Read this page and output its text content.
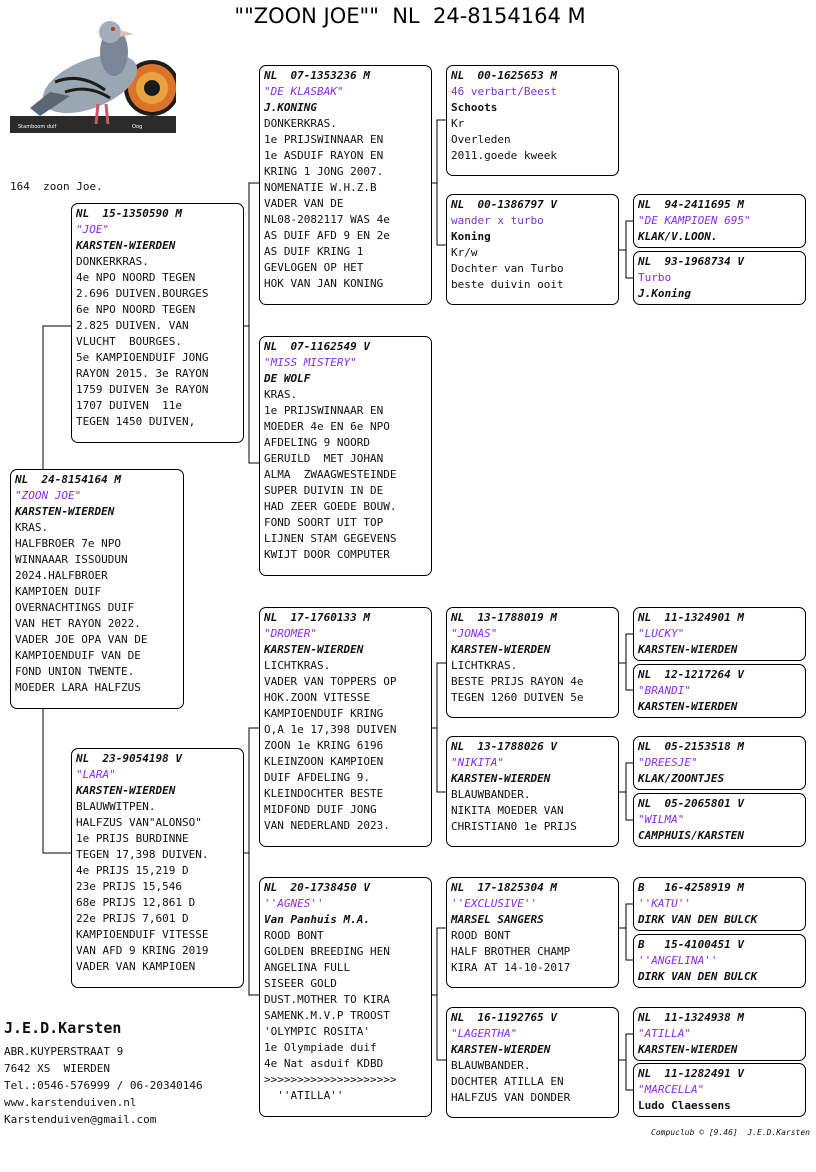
""ZOON JOE""  NL  24-8154164 M
Stamboom duif	Oog
164  zoon Joe.
NL  24-8154164 M
"ZOON JOE"
KARSTEN-WIERDEN
KRAS.
HALFBROER 7e NPO
WINNAAAR ISSOUDUN
2024.HALFBROER
KAMPIOEN DUIF
OVERNACHTINGS DUIF
VAN HET RAYON 2022.
VADER JOE OPA VAN DE
KAMPIOENDUIF VAN DE
FOND UNION TWENTE.
MOEDER LARA HALFZUS
NL  15-1350590 M
"JOE"
KARSTEN-WIERDEN
DONKERKRAS.
4e NPO NOORD TEGEN
2.696 DUIVEN.BOURGES
6e NPO NOORD TEGEN
2.825 DUIVEN. VAN
VLUCHT  BOURGES.
5e KAMPIOENDUIF JONG
RAYON 2015. 3e RAYON
1759 DUIVEN 3e RAYON
1707 DUIVEN  11e
TEGEN 1450 DUIVEN,
NL  23-9054198 V
"LARA"
KARSTEN-WIERDEN
BLAUWWITPEN.
HALFZUS VAN"ALONSO"
1e PRIJS BURDINNE
TEGEN 17,398 DUIVEN.
4e PRIJS 15,219 D
23e PRIJS 15,546
68e PRIJS 12,861 D
22e PRIJS 7,601 D
KAMPIOENDUIF VITESSE
VAN AFD 9 KRING 2019
VADER VAN KAMPIOEN
NL  07-1353236 M
"DE KLASBAK"
J.KONING
DONKERKRAS.
1e PRIJSWINNAAR EN
1e ASDUIF RAYON EN
KRING 1 JONG 2007.
NOMENATIE W.H.Z.B
VADER VAN DE
NL08-2082117 WAS 4e
AS DUIF AFD 9 EN 2e
AS DUIF KRING 1
GEVLOGEN OP HET
HOK VAN JAN KONING
NL  07-1162549 V
"MISS MISTERY"
DE WOLF
KRAS.
1e PRIJSWINNAAR EN
MOEDER 4e EN 6e NPO
AFDELING 9 NOORD
GERUILD  MET JOHAN
ALMA  ZWAAGWESTEINDE
SUPER DUIVIN IN DE
HAD ZEER GOEDE BOUW.
FOND SOORT UIT TOP
LIJNEN STAM GEGEVENS
KWIJT DOOR COMPUTER
NL  17-1760133 M
"DROMER"
KARSTEN-WIERDEN
LICHTKRAS.
VADER VAN TOPPERS OP
HOK.ZOON VITESSE
KAMPIOENDUIF KRING
O,A 1e 17,398 DUIVEN
ZOON 1e KRING 6196
KLEINZOON KAMPIOEN
DUIF AFDELING 9.
KLEINDOCHTER BESTE
MIDFOND DUIF JONG
VAN NEDERLAND 2023.
NL  20-1738450 V
''AGNES''
Van Panhuis M.A.
ROOD BONT
GOLDEN BREEDING HEN
ANGELINA FULL
SISEER GOLD
DUST.MOTHER TO KIRA
SAMENK.M.V.P TROOST
'OLYMPIC ROSITA'
1e Olympiade duif
4e Nat asduif KDBD
>>>>>>>>>>>>>>>>>>>>
''ATILLA''
NL  00-1625653 M
46 verbart/Beest
Schoots
Kr
Overleden
2011.goede kweek
NL  00-1386797 V
wander x turbo
Koning
Kr/w
Dochter van Turbo
beste duivin ooit
NL  13-1788019 M
"JONAS"
KARSTEN-WIERDEN
LICHTKRAS.
BESTE PRIJS RAYON 4e
TEGEN 1260 DUIVEN 5e
NL  13-1788026 V
"NIKITA"
KARSTEN-WIERDEN
BLAUWBANDER.
NIKITA MOEDER VAN
CHRISTIAN0 1e PRIJS
NL  17-1825304 M
''EXCLUSIVE''
MARSEL SANGERS
ROOD BONT
HALF BROTHER CHAMP
KIRA AT 14-10-2017
NL  16-1192765 V
"LAGERTHA"
KARSTEN-WIERDEN
BLAUWBANDER.
DOCHTER ATILLA EN
HALFZUS VAN DONDER
NL  94-2411695 M
"DE KAMPIOEN 695"
KLAK/V.LOON.
NL  93-1968734 V
Turbo
J.Koning
NL  11-1324901 M
"LUCKY"
KARSTEN-WIERDEN
NL  12-1217264 V
"BRANDI"
KARSTEN-WIERDEN
NL  05-2153518 M
"DREESJE"
KLAK/ZOONTJES
NL  05-2065801 V
"WILMA"
CAMPHUIS/KARSTEN
B   16-4258919 M
''KATU''
DIRK VAN DEN BULCK
B   15-4100451 V
''ANGELINA''
DIRK VAN DEN BULCK
NL  11-1324938 M
"ATILLA"
KARSTEN-WIERDEN
NL  11-1282491 V
"MARCELLA"
Ludo Claessens
J.E.D.Karsten
ABR.KUYPERSTRAAT 9
7642 XS  WIERDEN
Tel.:0546-576999 / 06-20340146
www.karstenduiven.nl
Karstenduiven@gmail.com
Compuclub © [9.46]  J.E.D.Karsten
